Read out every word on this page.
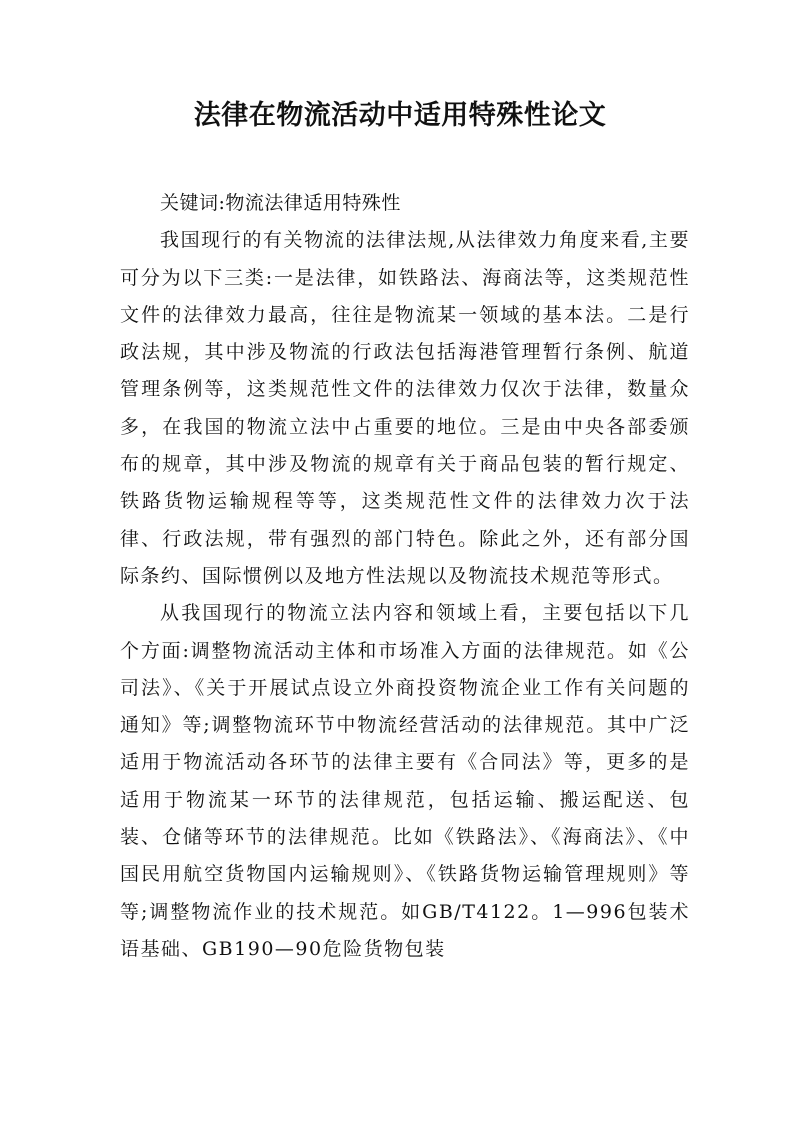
法律在物流活动中适用特殊性论文

关键词:物流法律适用特殊性

我国现行的有关物流的法律法规,从法律效力角度来看,主要可分为以下三类:一是法律，如铁路法、海商法等，这类规范性文件的法律效力最高，往往是物流某一领域的基本法。二是行政法规，其中涉及物流的行政法包括海港管理暂行条例、航道管理条例等，这类规范性文件的法律效力仅次于法律，数量众多，在我国的物流立法中占重要的地位。三是由中央各部委颁布的规章，其中涉及物流的规章有关于商品包装的暂行规定、铁路货物运输规程等等，这类规范性文件的法律效力次于法律、行政法规，带有强烈的部门特色。除此之外，还有部分国际条约、国际惯例以及地方性法规以及物流技术规范等形式。

从我国现行的物流立法内容和领域上看，主要包括以下几个方面:调整物流活动主体和市场准入方面的法律规范。如《公司法》、《关于开展试点设立外商投资物流企业工作有关问题的通知》等;调整物流环节中物流经营活动的法律规范。其中广泛适用于物流活动各环节的法律主要有《合同法》等，更多的是适用于物流某一环节的法律规范，包括运输、搬运配送、包装、仓储等环节的法律规范。比如《铁路法》、《海商法》、《中国民用航空货物国内运输规则》、《铁路货物运输管理规则》等等;调整物流作业的技术规范。如GB/T4122。1—996包装术语基础、GB190—90危险货物包装
